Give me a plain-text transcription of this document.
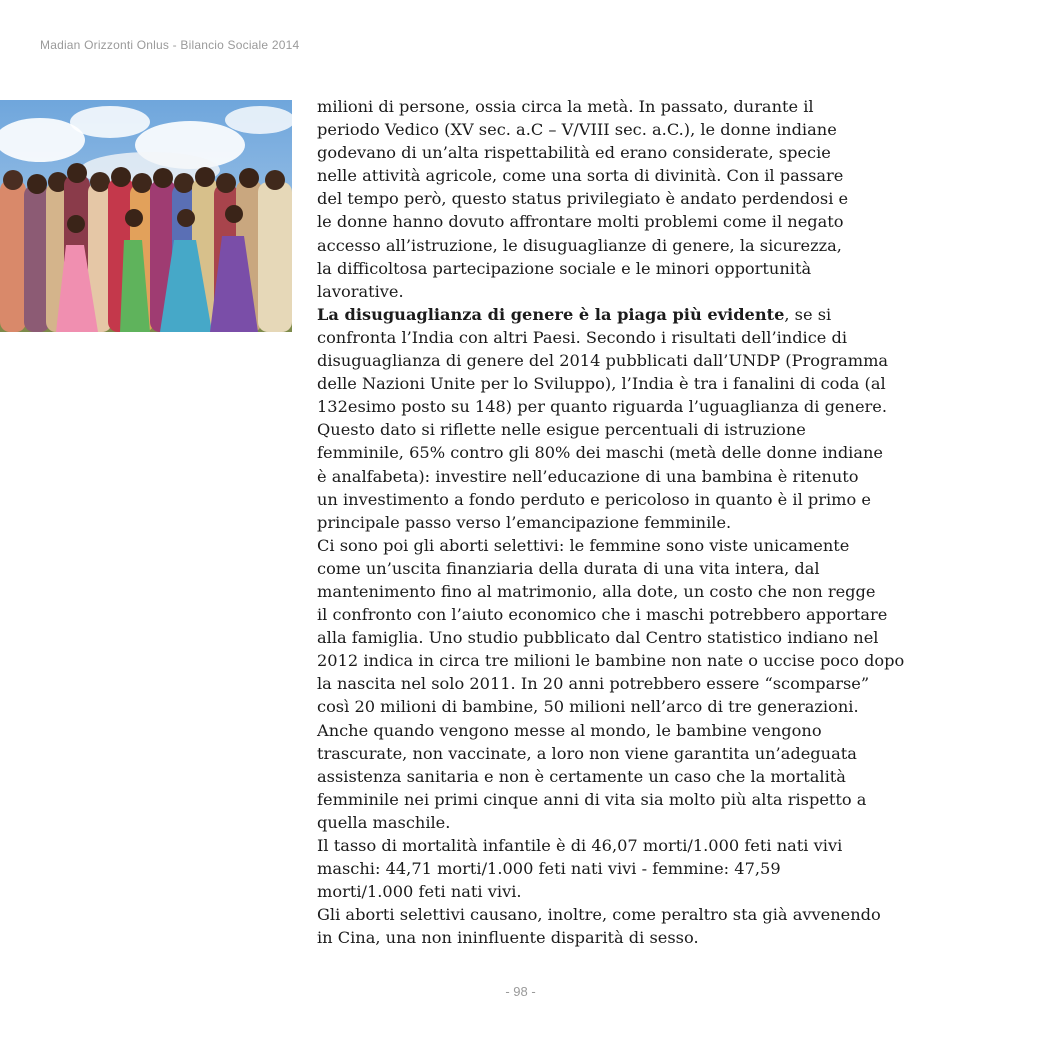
Madian Orizzonti Onlus - Bilancio Sociale 2014
milioni di persone, ossia circa la metà. In passato, durante il
periodo Vedico (XV sec. a.C – V/VIII sec. a.C.), le donne indiane
godevano di un’alta rispettabilità ed erano considerate, specie
nelle attività agricole, come una sorta di divinità. Con il passare
del tempo però, questo status privilegiato è andato perdendosi e
le donne hanno dovuto affrontare molti problemi come il negato
accesso all’istruzione, le disuguaglianze di genere, la sicurezza,
la difficoltosa partecipazione sociale e le minori opportunità
lavorative.
La disuguaglianza di genere è la piaga più evidente, se si
confronta l’India con altri Paesi. Secondo i risultati dell’indice di
disuguaglianza di genere del 2014 pubblicati dall’UNDP (Programma
delle Nazioni Unite per lo Sviluppo), l’India è tra i fanalini di coda (al
132esimo posto su 148) per quanto riguarda l’uguaglianza di genere.
Questo dato si riflette nelle esigue percentuali di istruzione
femminile, 65% contro gli 80% dei maschi (metà delle donne indiane
è analfabeta): investire nell’educazione di una bambina è ritenuto
un investimento a fondo perduto e pericoloso in quanto è il primo e
principale passo verso l’emancipazione femminile.
Ci sono poi gli aborti selettivi: le femmine sono viste unicamente
come un’uscita finanziaria della durata di una vita intera, dal
mantenimento fino al matrimonio, alla dote, un costo che non regge
il confronto con l’aiuto economico che i maschi potrebbero apportare
alla famiglia. Uno studio pubblicato dal Centro statistico indiano nel
2012 indica in circa tre milioni le bambine non nate o uccise poco dopo
la nascita nel solo 2011. In 20 anni potrebbero essere “scomparse”
così 20 milioni di bambine, 50 milioni nell’arco di tre generazioni.
Anche quando vengono messe al mondo, le bambine vengono
trascurate, non vaccinate, a loro non viene garantita un’adeguata
assistenza sanitaria e non è certamente un caso che la mortalità
femminile nei primi cinque anni di vita sia molto più alta rispetto a
quella maschile.
Il tasso di mortalità infantile è di 46,07 morti/1.000 feti nati vivi
maschi: 44,71 morti/1.000 feti nati vivi - femmine: 47,59
morti/1.000 feti nati vivi.
Gli aborti selettivi causano, inoltre, come peraltro sta già avvenendo
in Cina, una non ininfluente disparità di sesso.
- 98 -
